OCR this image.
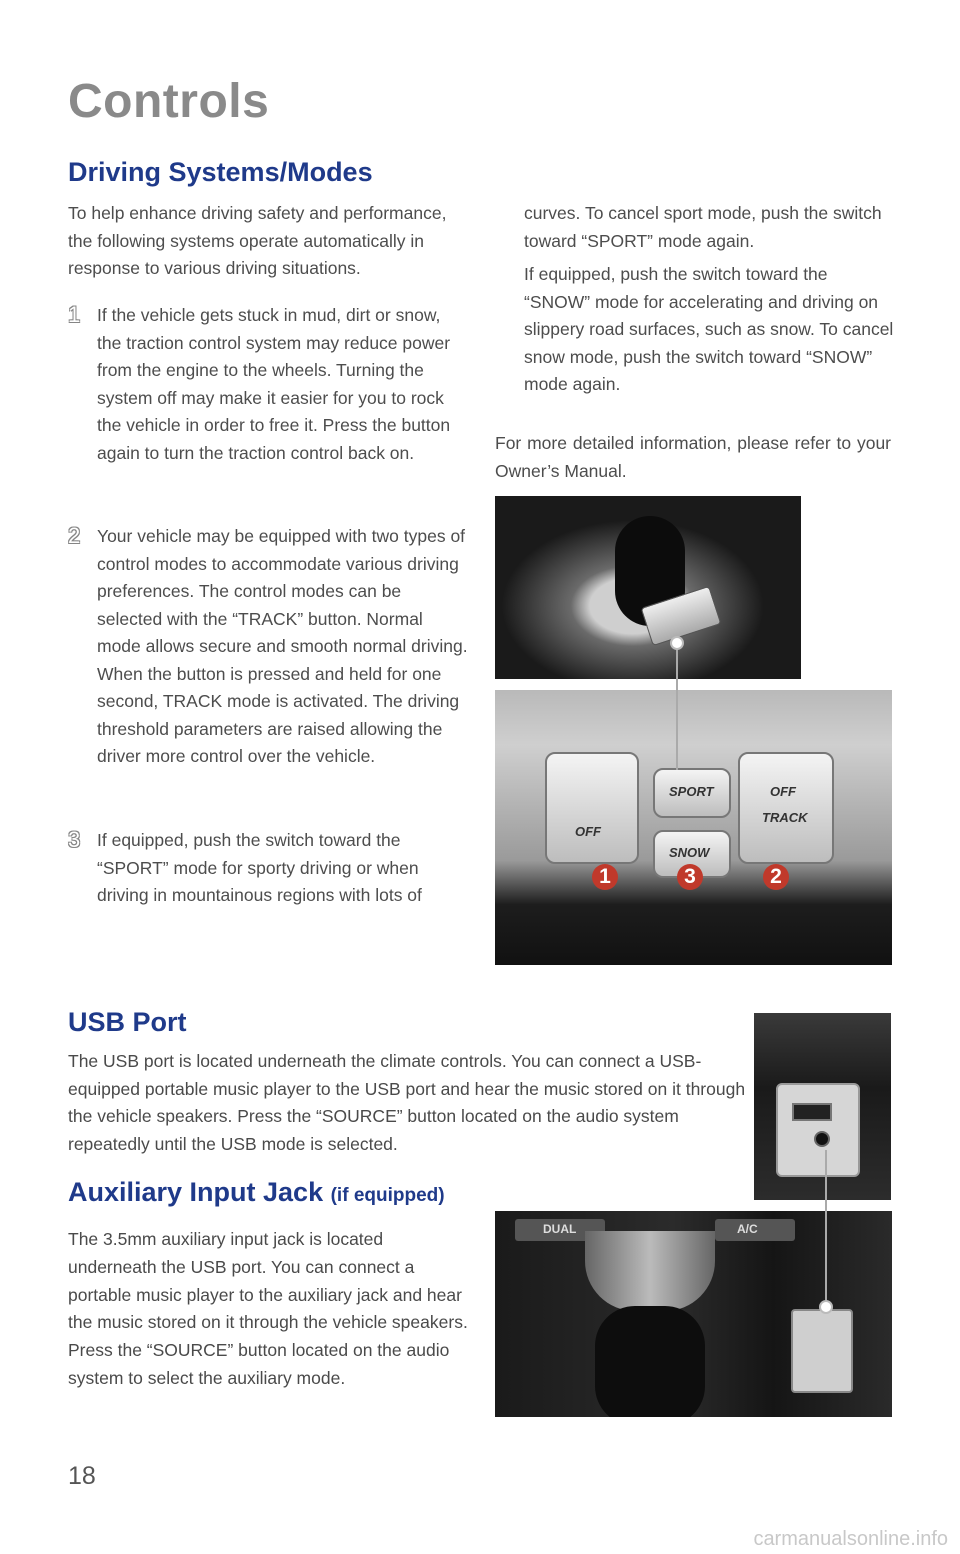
Controls
Driving Systems/Modes

To help enhance driving safety and performance, the following systems operate automatically in response to various driving situations.

1 If the vehicle gets stuck in mud, dirt or snow, the traction control system may reduce power from the engine to the wheels. Turning the system off may make it easier for you to rock the vehicle in order to free it. Press the button again to turn the traction control back on.

2 Your vehicle may be equipped with two types of control modes to accommodate various driving preferences. The control modes can be selected with the “TRACK” button. Normal mode allows secure and smooth normal driving. When the button is pressed and held for one second, TRACK mode is activated. The driving threshold parameters are raised allowing the driver more control over the vehicle.

3 If equipped, push the switch toward the “SPORT” mode for sporty driving or when driving in mountainous regions with lots of

curves. To cancel sport mode, push the switch toward “SPORT” mode again.

If equipped, push the switch toward the “SNOW” mode for accelerating and driving on slippery road surfaces, such as snow. To cancel snow mode, push the switch toward “SNOW” mode again.

For more detailed information, please refer to your Owner’s Manual.

OFF
SPORT
SNOW
OFF
TRACK
1	3	2
USB Port

The USB port is located underneath the climate controls. You can connect a USB-equipped portable music player to the USB port and hear the music stored on it through the vehicle speakers. Press the “SOURCE” button located on the audio system repeatedly until the USB mode is selected.

Auxiliary Input Jack (if equipped)

The 3.5mm auxiliary input jack is located underneath the USB port. You can connect a portable music player to the auxiliary jack and hear the music stored on it through the vehicle speakers. Press the “SOURCE” button located on the audio system to select the auxiliary mode.

DUAL	A/C
18
carmanualsonline.info
